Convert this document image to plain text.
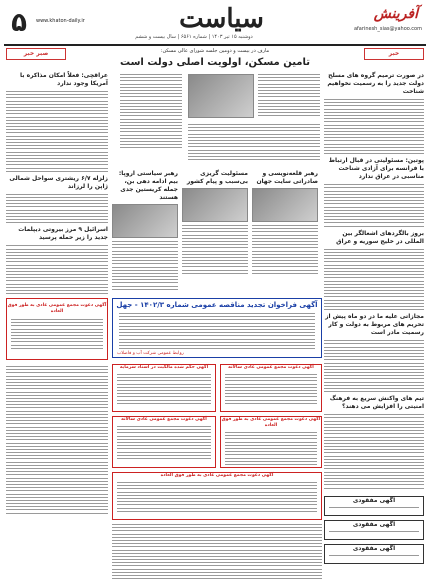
۵	www.khaton-daily.ir	سیاست	آفرینش
afarinesh_sias@yahoo.com
دوشنبه ۱۵ تیر ۱۴۰۳ | شماره ۶۵۶۱ | سال بیست و ششم
خبر
صبر خبر	مارف در بیست و دومین جلسه شورای عالی مسکن:
تامین مسکن، اولویت اصلی دولت است
در صورت ترمیم گروه های مسلح دولت جدید را به رسمیت نخواهیم شناخت
پوتین: مسئولیتی در قبال ارتباط با فرانسه برای آزادی شناخت مناسبی در عراق ندارد
بروز بالگردهای اشغالگر بین المللی در خلیج سوریه و عراق
مجازاتی علیه ما در دو ماه پیش از تحریم های مربوط به دولت و کار رسمیت مادر است
تیم های واکنش سریع به فرهنگ امنیتی را افزایش می دهند؟
عراقچی: فعلاً امکان مذاکره با آمریکا وجود ندارد
زلزله ۶/۷ ریشتری سواحل شمالی ژاپن را لرزاند
اسرائیل ۹ مرز بیروتی دیپلمات جدید را زیر حمله پرسید
رهبر قلعه‌نویسی و صادراتی سایت جهان
مسئولیت گریزی بی‌سبب و پیام کشور
رهبر سیاستی اروپا: بیم ادامه دهی بن، جمله کریستین جدی هستند
آگهی فراخوان تجدید مناقصه عمومی شماره ۱۴۰۲/۳ - جهل
روابط عمومی شرکت آب و فاضلاب
آگهی دعوت مجمع عمومی عادی به طور فوق العاده
آگهی حکم شده مالکیت در اسناد سرمایه	آگهی دعوت مجمع عمومی عادی سالانه
آگهی دعوت مجمع عمومی عادی به طور فوق العاده
آگهی دعوت مجمع عمومی عادی سالانه
آگهی دعوت مجمع عمومی عادی به طور فوق العاده
آگهی مفقودی
آگهی مفقودی
آگهی مفقودی
